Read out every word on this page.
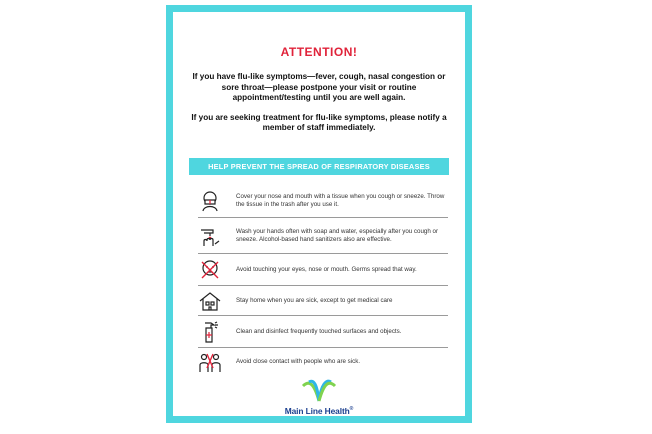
ATTENTION!

If you have flu-like symptoms—fever, cough, nasal congestion or sore throat—please postpone your visit or routine appointment/testing until you are well again.

If you are seeking treatment for flu-like symptoms, please notify a member of staff immediately.

HELP PREVENT THE SPREAD OF RESPIRATORY DISEASES
Cover your nose and mouth with a tissue when you cough or sneeze. Throw the tissue in the trash after you use it.
Wash your hands often with soap and water, especially after you cough or sneeze. Alcohol-based hand sanitizers also are effective.
Avoid touching your eyes, nose or mouth. Germs spread that way.
Stay home when you are sick, except to get medical care
Clean and disinfect frequently touched surfaces and objects.
Avoid close contact with people who are sick.
Main Line Health®
